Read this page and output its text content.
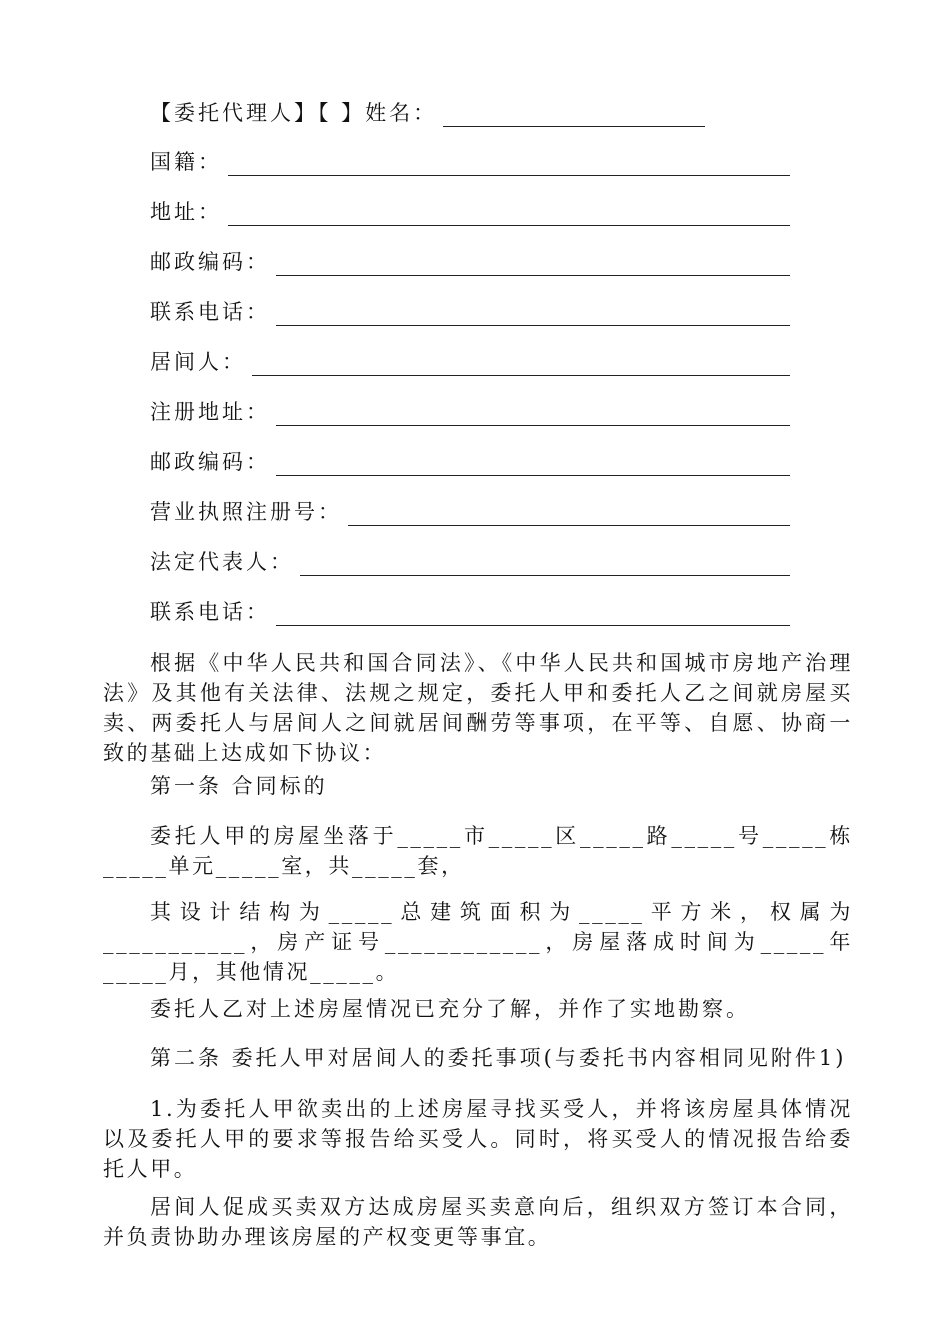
【委托代理人】【 】姓名：
国籍：
地址：
邮政编码：
联系电话：
居间人：
注册地址：
邮政编码：
营业执照注册号：
法定代表人：
联系电话：

根据《中华人民共和国合同法》、《中华人民共和国城市房地产治理法》及其他有关法律、法规之规定，委托人甲和委托人乙之间就房屋买卖、两委托人与居间人之间就居间酬劳等事项，在平等、自愿、协商一致的基础上达成如下协议：

第一条 合同标的

委托人甲的房屋坐落于_____市_____区_____路_____号_____栋_____单元_____室，共_____套，

其设计结构为_____总建筑面积为_____平方米，权属为___________，房产证号____________，房屋落成时间为_____年_____月，其他情况_____。

委托人乙对上述房屋情况已充分了解，并作了实地勘察。

第二条 委托人甲对居间人的委托事项(与委托书内容相同见附件1)

1.为委托人甲欲卖出的上述房屋寻找买受人，并将该房屋具体情况以及委托人甲的要求等报告给买受人。同时，将买受人的情况报告给委托人甲。

居间人促成买卖双方达成房屋买卖意向后，组织双方签订本合同，并负责协助办理该房屋的产权变更等事宜。
